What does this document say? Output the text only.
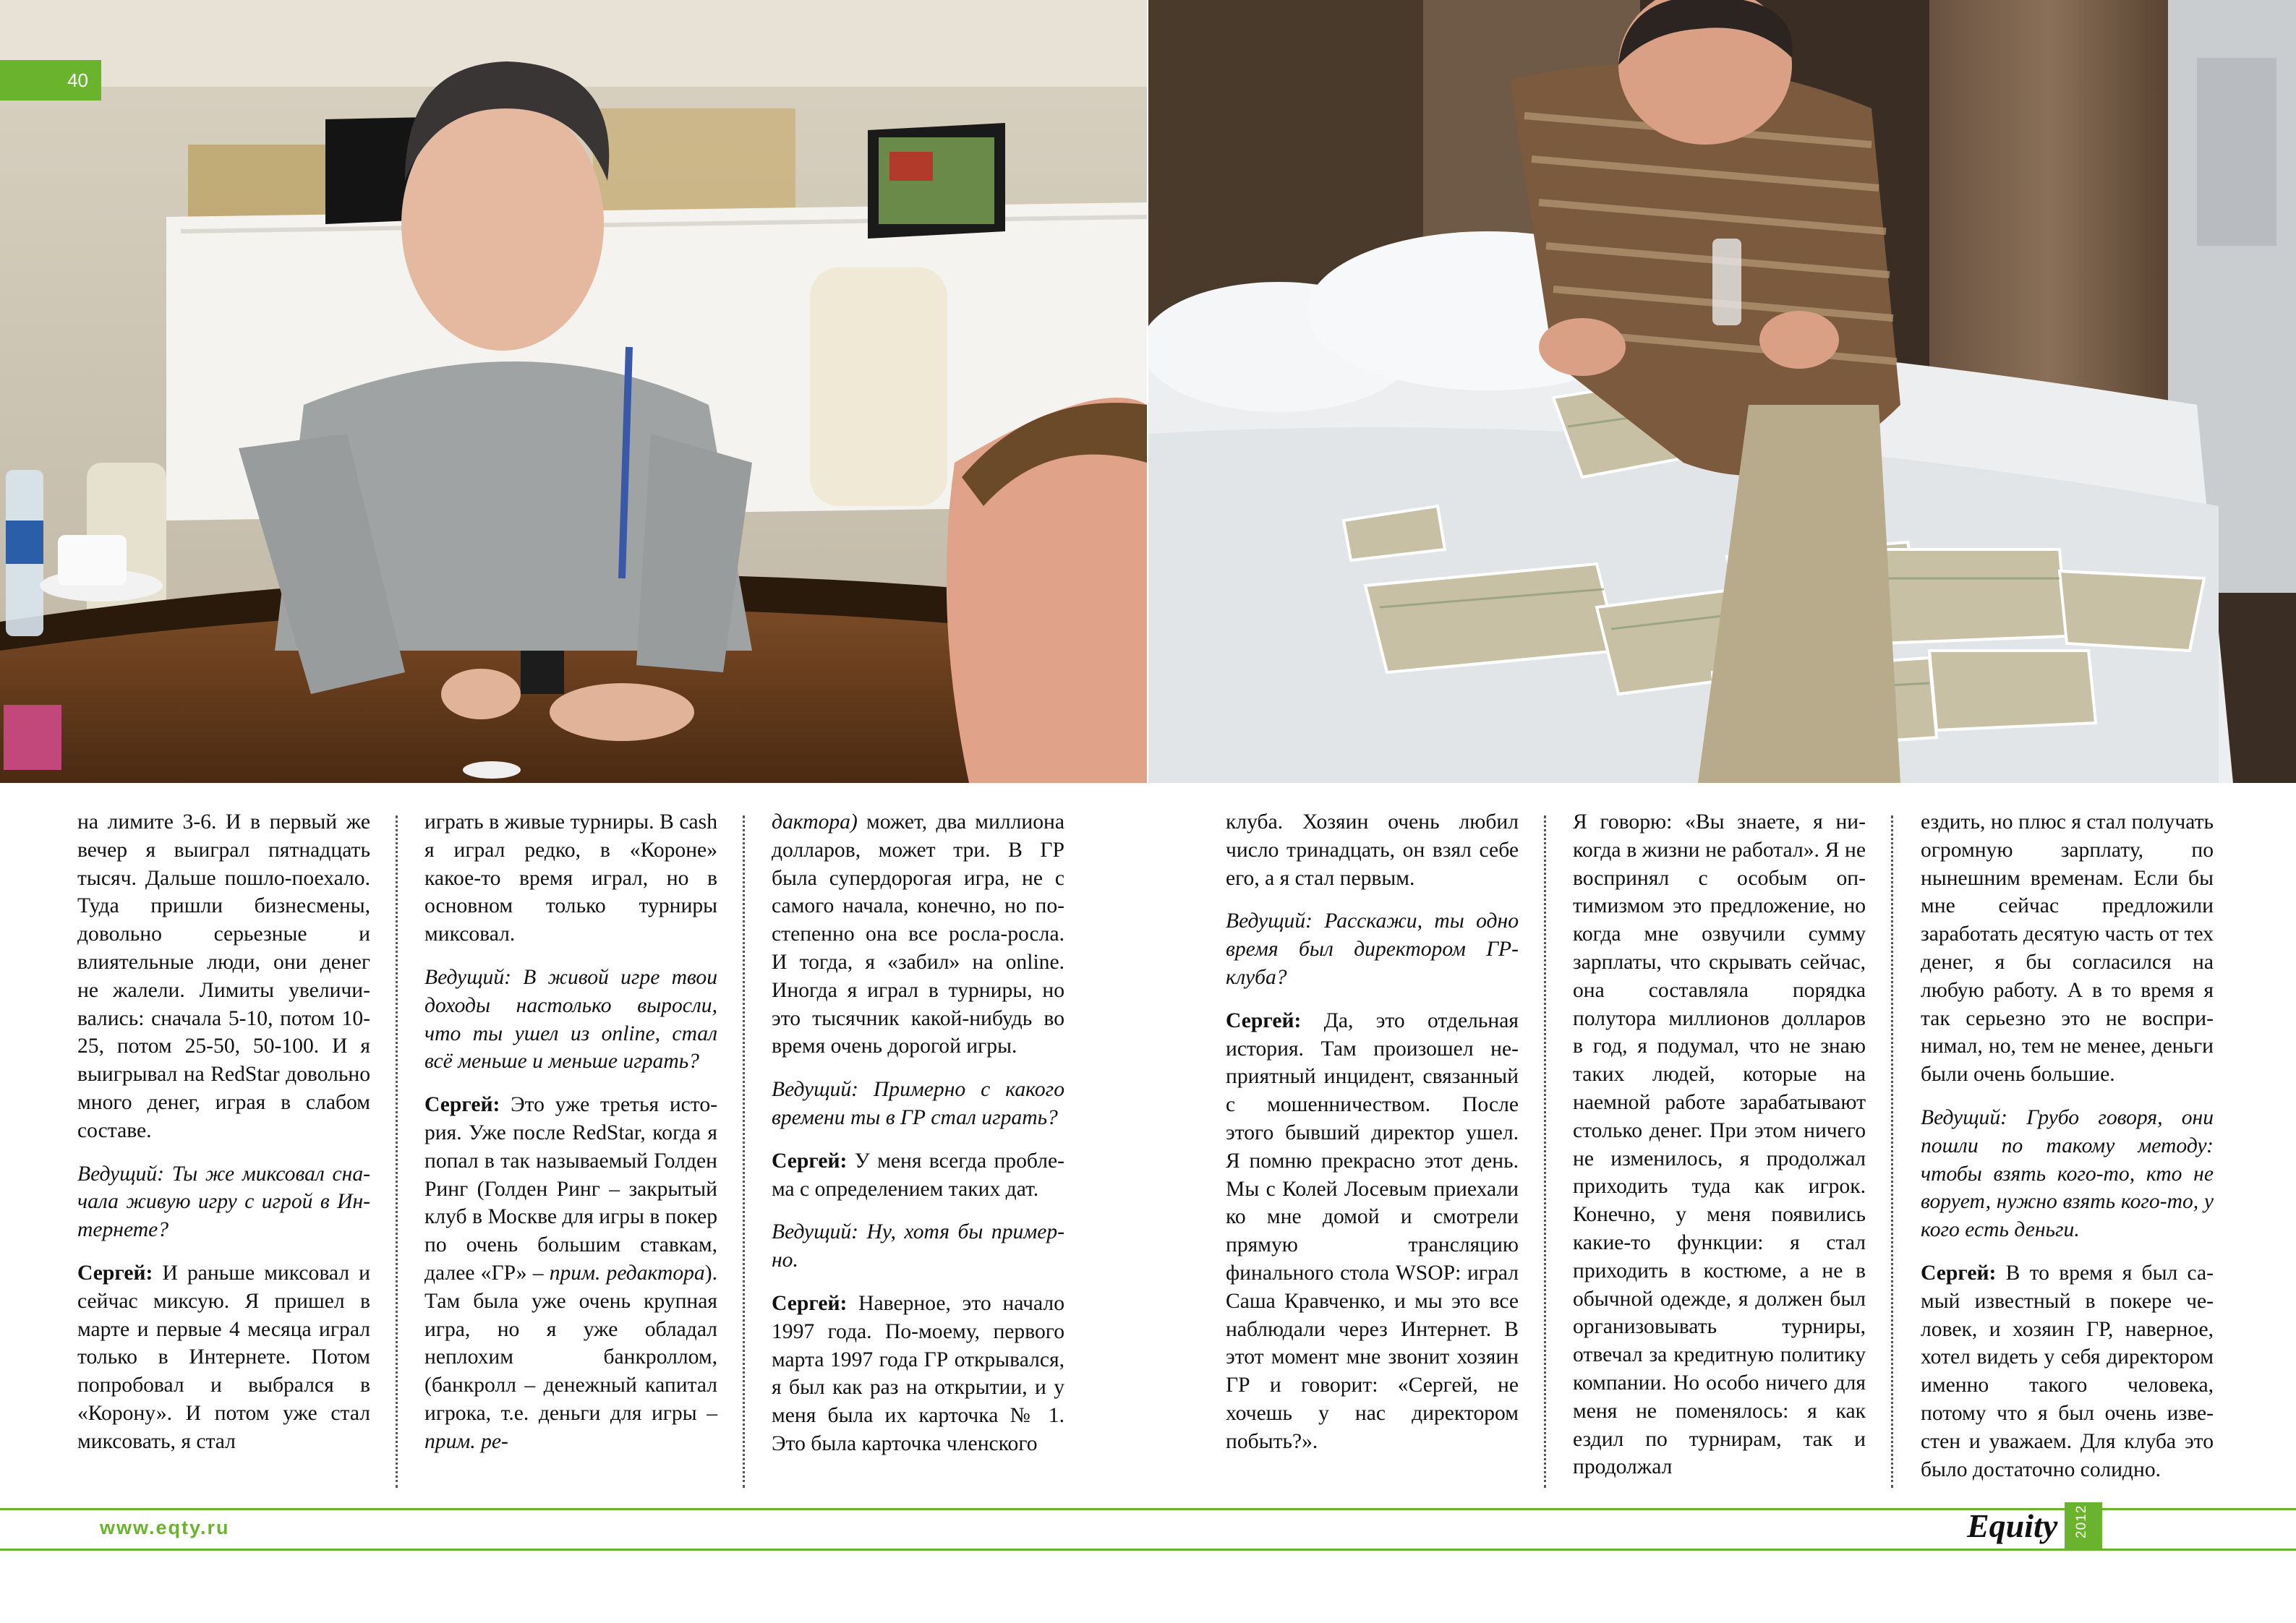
40

на лимите 3-6. И в первый же вечер я выиграл пятнадцать тысяч. Дальше пошло-поехало. Туда пришли бизнесмены, довольно серьезные и влиятельные люди, они денег не жалели. Лимиты увеличивались: сначала 5-10, потом 10-25, потом 25-50, 50-100. И я выигрывал на RedStar довольно много денег, играя в слабом составе.

Ведущий: Ты же миксовал сначала живую игру с игрой в Интернете?

Сергей: И раньше миксовал и сейчас миксую. Я пришел в марте и первые 4 месяца играл только в Интернете. Потом попробовал и выбрался в «Корону». И потом уже стал миксовать, я стал

играть в живые турниры. В cash я играл редко, в «Короне» какое-то время играл, но в основном только турниры миксовал.

Ведущий: В живой игре твои доходы настолько выросли, что ты ушел из online, стал всё меньше и меньше играть?

Сергей: Это уже третья история. Уже после RedStar, когда я попал в так называемый Голден Ринг (Голден Ринг – закрытый клуб в Москве для игры в покер по очень большим ставкам, далее «ГР» – прим. редактора). Там была уже очень крупная игра, но я уже обладал неплохим банкроллом, (банкролл – денежный капитал игрока, т.е. деньги для игры – прим. ре-

дактора) может, два миллиона долларов, может три. В ГР была супердорогая игра, не с самого начала, конечно, но постепенно она все росла-росла. И тогда, я «забил» на online. Иногда я играл в турниры, но это тысячник какой-нибудь во время очень дорогой игры.

Ведущий: Примерно с какого времени ты в ГР стал играть?

Сергей: У меня всегда проблема с определением таких дат.

Ведущий: Ну, хотя бы примерно.

Сергей: Наверное, это начало 1997 года. По-моему, первого марта 1997 года ГР открывался, я был как раз на открытии, и у меня была их карточка № 1. Это была карточка членского

клуба. Хозяин очень любил число тринадцать, он взял себе его, а я стал первым.

Ведущий: Расскажи, ты одно время был директором ГР-клуба?

Сергей: Да, это отдельная история. Там произошел неприятный инцидент, связанный с мошенничеством. После этого бывший директор ушел. Я помню прекрасно этот день. Мы с Колей Лосевым приехали ко мне домой и смотрели прямую трансляцию финального стола WSOP: играл Саша Кравченко, и мы это все наблюдали через Интернет. В этот момент мне звонит хозяин ГР и говорит: «Сергей, не хочешь у нас директором побыть?».

Я говорю: «Вы знаете, я никогда в жизни не работал». Я не воспринял с особым оптимизмом это предложение, но когда мне озвучили сумму зарплаты, что скрывать сейчас, она составляла порядка полутора миллионов долларов в год, я подумал, что не знаю таких людей, которые на наемной работе зарабатывают столько денег. При этом ничего не изменилось, я продолжал приходить туда как игрок. Конечно, у меня появились какие-то функции: я стал приходить в костюме, а не в обычной одежде, я должен был организовывать турниры, отвечал за кредитную политику компании. Но особо ничего для меня не поменялось: я как ездил по турнирам, так и продолжал

ездить, но плюс я стал получать огромную зарплату, по нынешним временам. Если бы мне сейчас предложили заработать десятую часть от тех денег, я бы согласился на любую работу. А в то время я так серьезно это не воспринимал, но, тем не менее, деньги были очень большие.

Ведущий: Грубо говоря, они пошли по такому методу: чтобы взять кого-то, кто не ворует, нужно взять кого-то, у кого есть деньги.

Сергей: В то время я был самый известный в покере человек, и хозяин ГР, наверное, хотел видеть у себя директором именно такого человека, потому что я был очень известен и уважаем. Для клуба это было достаточно солидно.

www.eqty.ru	Equity 2012
